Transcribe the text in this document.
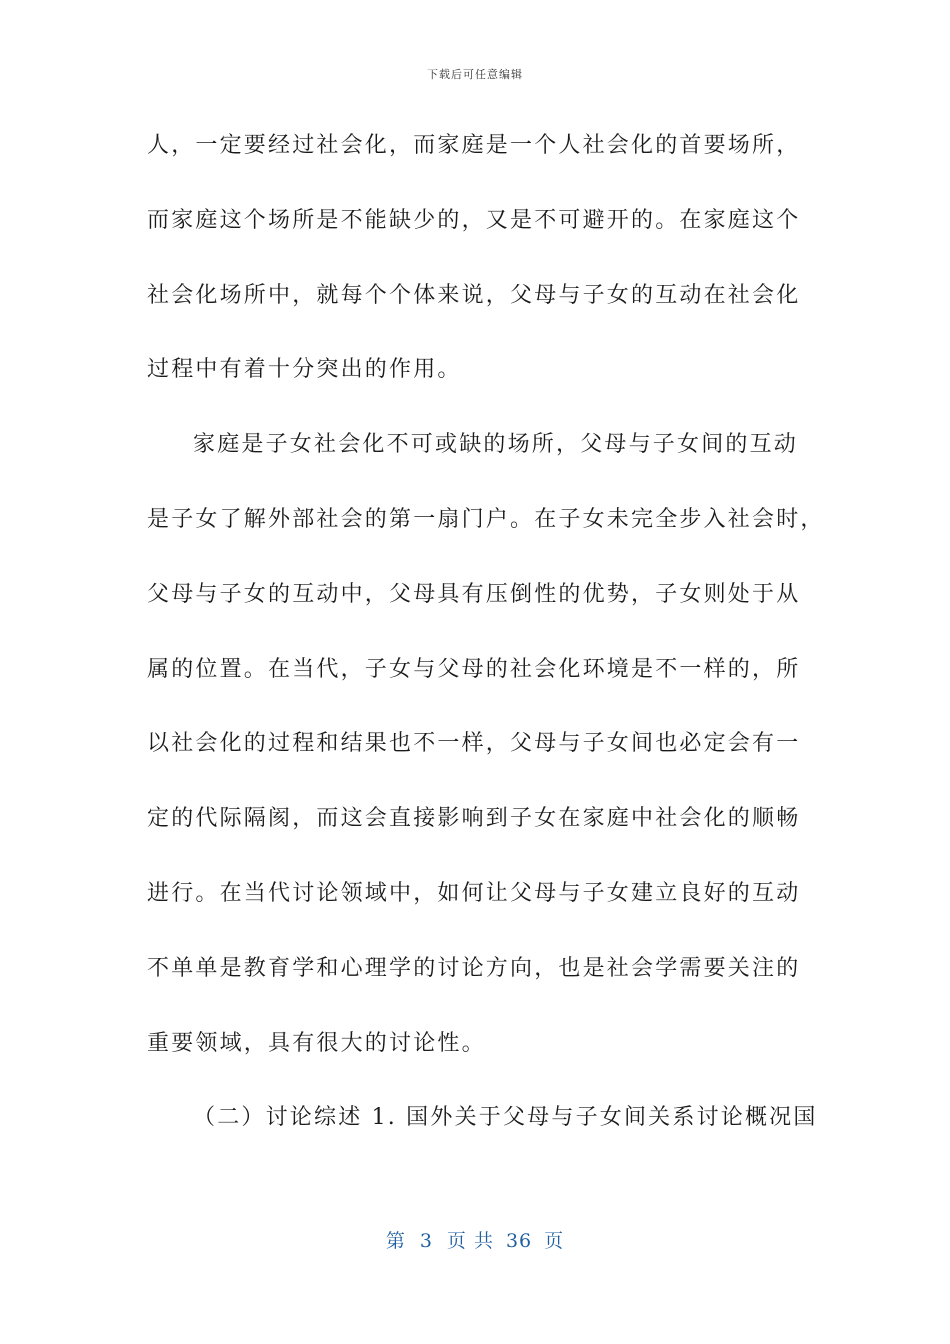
下载后可任意编辑
人，一定要经过社会化，而家庭是一个人社会化的首要场所，
而家庭这个场所是不能缺少的，又是不可避开的。在家庭这个
社会化场所中，就每个个体来说，父母与子女的互动在社会化
过程中有着十分突出的作用。
家庭是子女社会化不可或缺的场所，父母与子女间的互动
是子女了解外部社会的第一扇门户。在子女未完全步入社会时，
父母与子女的互动中，父母具有压倒性的优势，子女则处于从
属的位置。在当代，子女与父母的社会化环境是不一样的，所
以社会化的过程和结果也不一样，父母与子女间也必定会有一
定的代际隔阂，而这会直接影响到子女在家庭中社会化的顺畅
进行。在当代讨论领域中，如何让父母与子女建立良好的互动
不单单是教育学和心理学的讨论方向，也是社会学需要关注的
重要领域，具有很大的讨论性。
（二）讨论综述 1. 国外关于父母与子女间关系讨论概况国
第 3 页 共 36 页
